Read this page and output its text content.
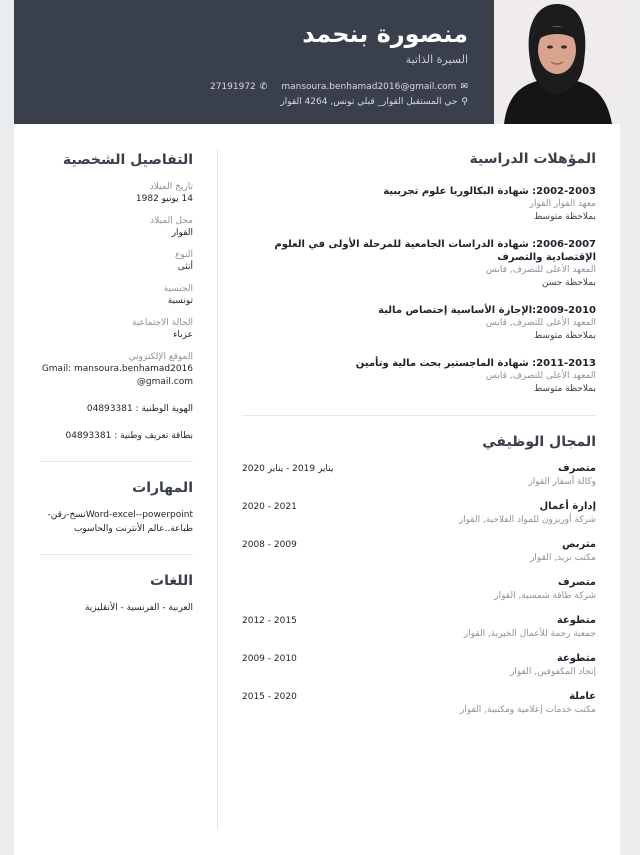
منصورة بنحمد
السيرة الذاتية
✉
mansoura.benhamad2016@gmail.com
✆
27191972
⚲
حي المستقبل القوار_ قبلي تونس, 4264 القوار
المؤهلات الدراسية
2002-2003: شهادة البكالوريا علوم تجريبية
معهد القوار القوار
بملاحظة متوسط
2006-2007: شهادة الدراسات الجامعية للمرحلة الأولى في العلوم الإقتصادية والتصرف
المعهد الأعلى للتصرف, قابس
بملاحظة حسن
2009-2010:الإجازة الأساسية إختصاص مالية
المعهد الأعلى للتصرف, قابس
بملاحظة متوسط
2011-2013: شهادة الماجستير بحث مالية وتأمين
المعهد الأعلى للتصرف, قابس
بملاحظة متوسط
المجال الوظيفي
متصرف
وكالة أسفار القوار
يناير 2019 - يناير 2020
إدارة أعمال
شركة أوريزون للمواد الفلاحية, القوار
2021 - 2020
متربص
مكتب بريد, القوار
2009 - 2008
متصرف
شركة طاقة شمسية, القوار
متطوعة
جمعية رحمة للأعمال الخيرية, القوار
2015 - 2012
متطوعة
إتحاد المكفوفين, القوار
2010 - 2009
عاملة
مكتب خدمات إعلامية ومكتبية, القوار
2020 - 2015
التفاصيل الشخصية
تاريخ الميلاد
14 يونيو 1982
محل الميلاد
القوار
النوع
أنثى
الجنسية
تونسية
الحالة الاجتماعية
عزباء
الموقع الإلكتروني
Gmail: mansoura.benhamad2016@gmail.com
الهوية الوطنية : 04893381
بطاقة تعريف وطنية : 04893381
المهارات
Word-excel--powerpointنسخ-رقن-طباعة..عالم الأنترنت والحاسوب
اللغات
العربية - الفرنسية - الأنقليزية
